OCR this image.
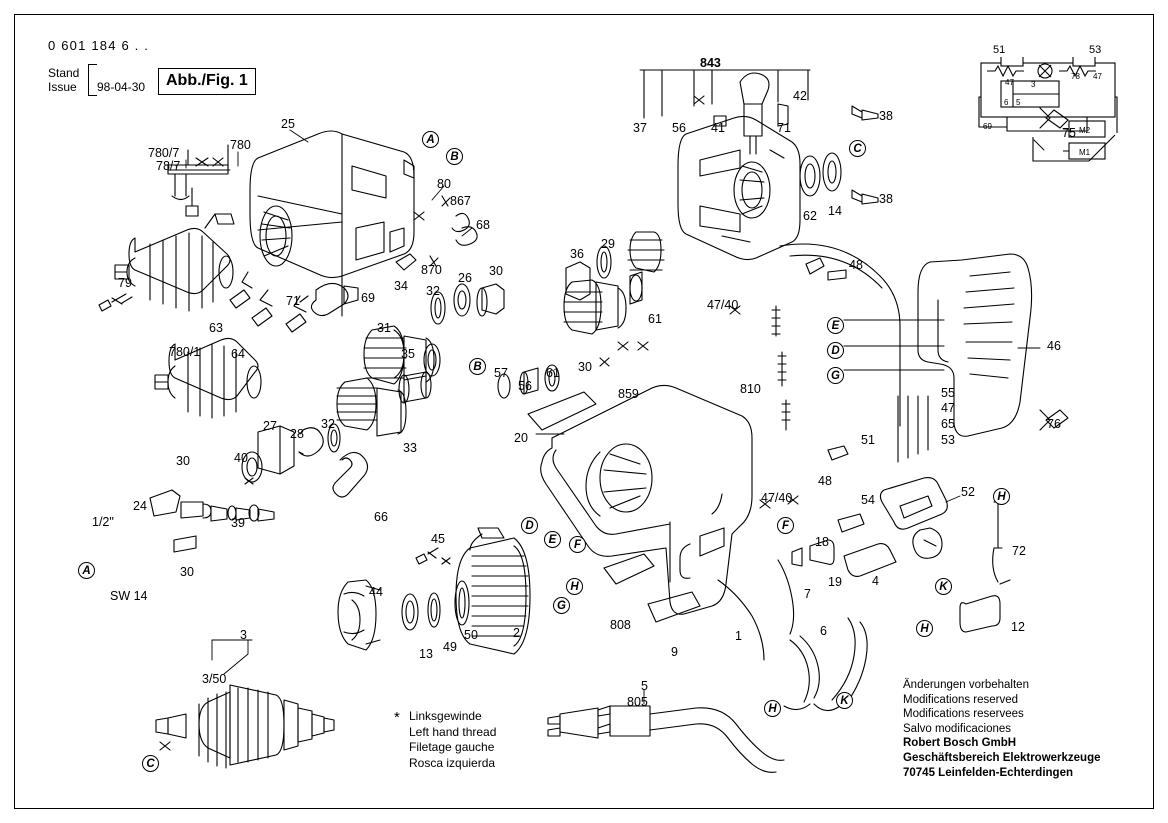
0 601 184 6 . .
Stand
Issue 98-04-30	Abb./Fig. 1	47 3
6 5
78 47
69	M2
M1
51	53
843
37 56 41	71
42
38
38
62 14
48
47/40
810
47/40
48
54
52
72
12
75
46
76
55
47
65
53
51
18
19
7
4
6
5
805
808
9
1
20
2
45
13 49
50
44
3
3/50
780/7
78/7
780
25
80
867
68
870
79
63
64
71	69
34 32
26 30
36
29
61
31
35
57
56
61 30
859
780/1
27
28
32
33
30	40
66
24
1/2"	39
30
SW 14
A
B
C
B
E
D
G
D
E	F
H
G
F
H
K
H
H
K
A
C
* Linksgewinde
Left hand thread
Filetage gauche
Rosca izquierda
Änderungen vorbehalten
Modifications reserved
Modifications reservees
Salvo modificaciones
Robert Bosch GmbH
Geschäftsbereich Elektrowerkzeuge
70745 Leinfelden-Echterdingen
